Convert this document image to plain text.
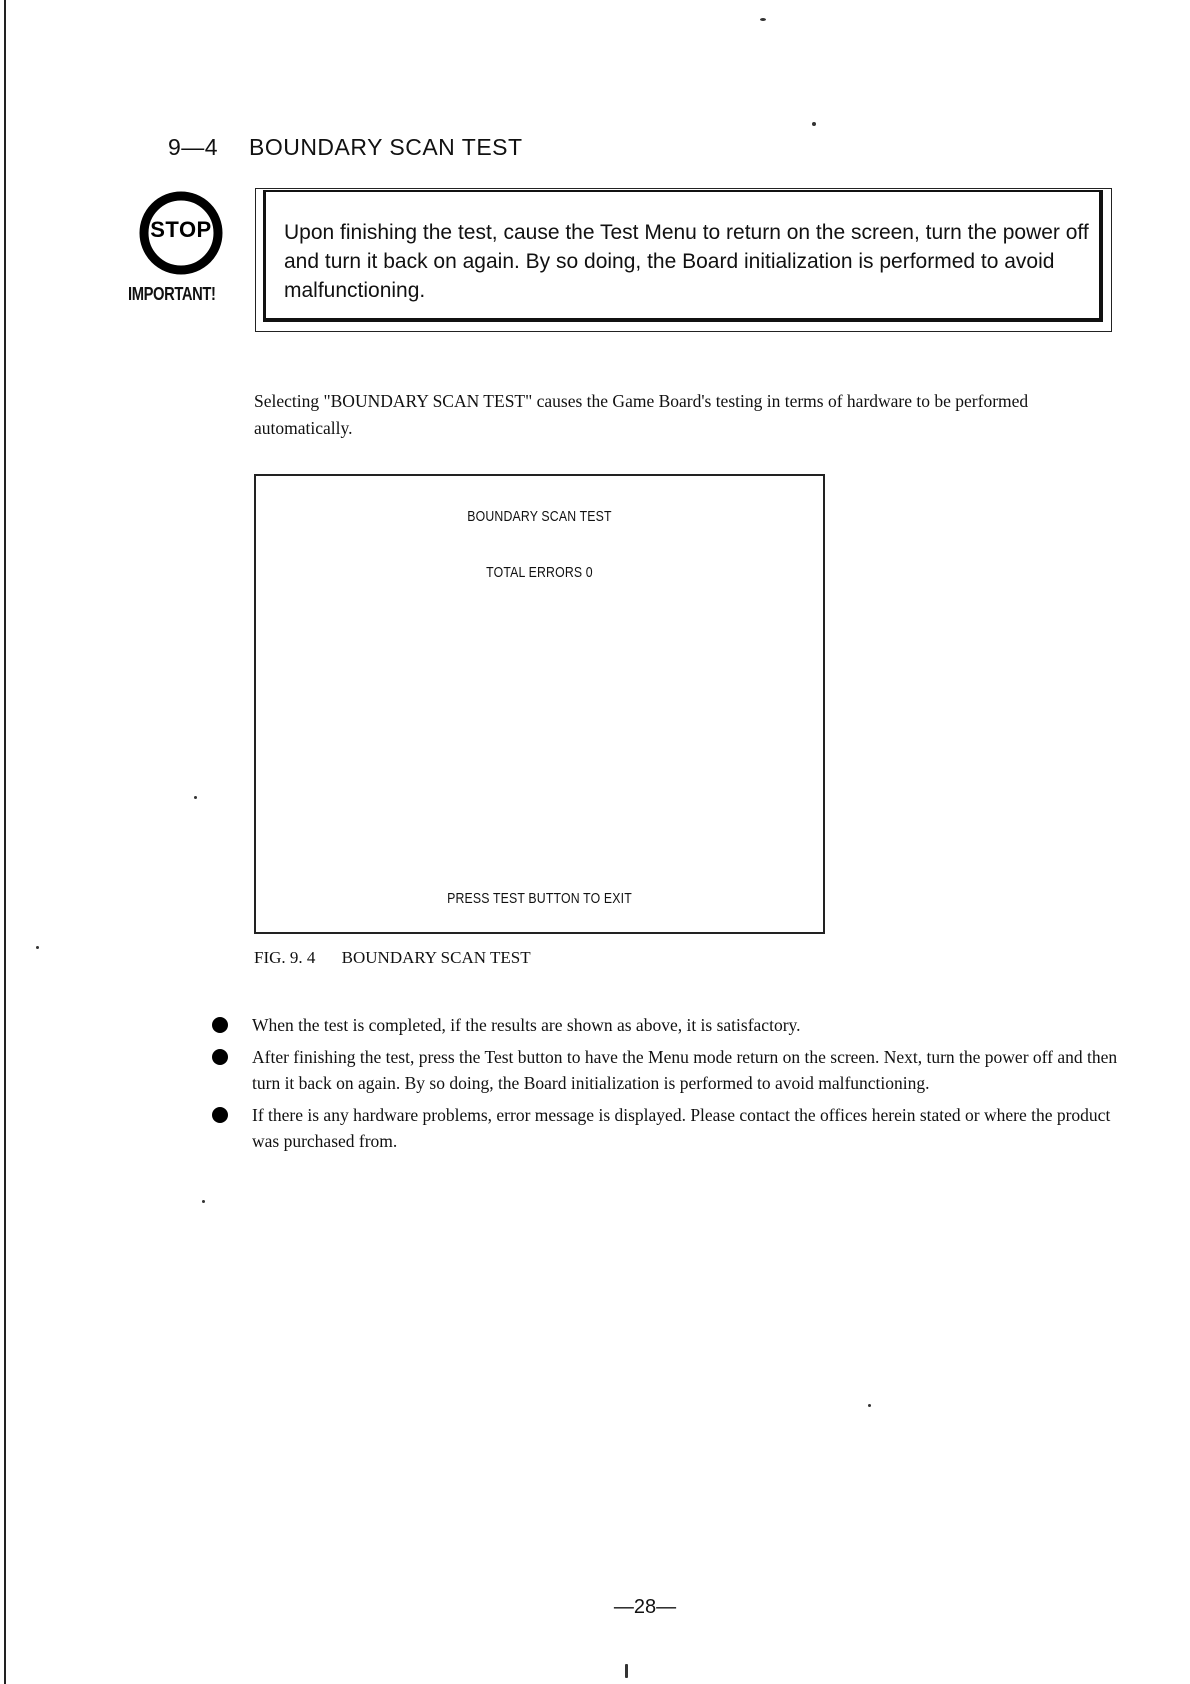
9—4 BOUNDARY SCAN TEST
STOP
IMPORTANT!
Upon finishing the test, cause the Test Menu to return on the screen, turn the power off and turn it back on again. By so doing, the Board initialization is performed to avoid malfunctioning.
Selecting "BOUNDARY SCAN TEST" causes the Game Board's testing in terms of hardware to be performed automatically.
BOUNDARY SCAN TEST
TOTAL ERRORS 0
PRESS TEST BUTTON TO EXIT
FIG. 9. 4 BOUNDARY SCAN TEST
When the test is completed, if the results are shown as above, it is satisfactory.
After finishing the test, press the Test button to have the Menu mode return on the screen. Next, turn the power off and then turn it back on again. By so doing, the Board initialization is performed to avoid malfunctioning.
If there is any hardware problems, error message is displayed. Please contact the offices herein stated or where the product was purchased from.
—28—
